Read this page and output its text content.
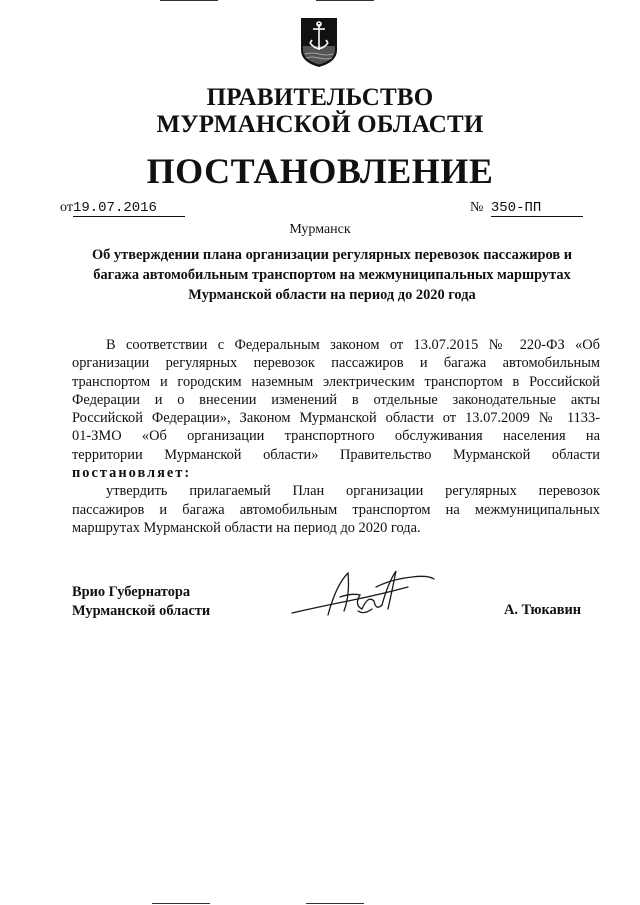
ПРАВИТЕЛЬСТВО
МУРМАНСКОЙ ОБЛАСТИ
ПОСТАНОВЛЕНИЕ
от19.07.2016	№ 350-ПП
Мурманск
Об утверждении плана организации регулярных перевозок пассажиров и
багажа автомобильным транспортом на межмуниципальных маршрутах
Мурманской области на период до 2020 года
В соответствии с Федеральным законом от 13.07.2015 № 220-ФЗ «Об
организации регулярных перевозок пассажиров и багажа автомобильным
транспортом и городским наземным электрическим транспортом в Российской
Федерации и о внесении изменений в отдельные законодательные акты
Российской Федерации», Законом Мурманской области от 13.07.2009 № 1133-
01-ЗМО «Об организации транспортного обслуживания населения на
территории Мурманской области» Правительство Мурманской области
постановляет:
утвердить прилагаемый План организации регулярных перевозок
пассажиров и багажа автомобильным транспортом на межмуниципальных
маршрутах Мурманской области на период до 2020 года.
Врио Губернатора
Мурманской области	А. Тюкавин
